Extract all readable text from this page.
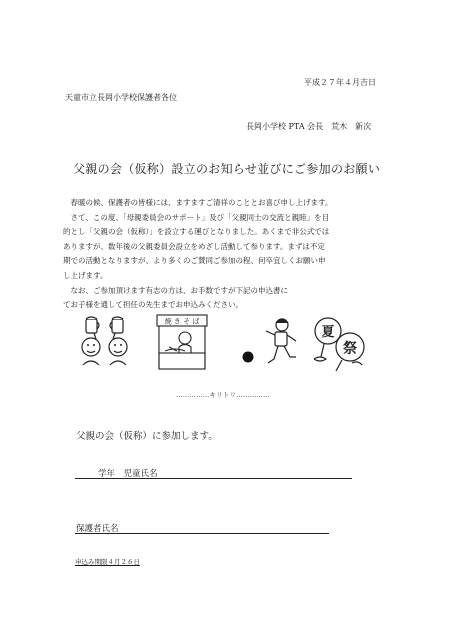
平成２７年４月吉日
天童市立長岡小学校保護者各位
長岡小学校 PTA 会長　荒木　新次
父親の会（仮称）設立のお知らせ並びにご参加のお願い

　春暖の候、保護者の皆様には、ますますご清祥のこととお喜び申し上げます。

　さて、この度、「母親委員会のサポート」及び「父親同士の交流と親睦」を目

的とし「父親の会（仮称）」を設立する運びとなりました。あくまで非公式では

ありますが、数年後の父親委員会設立をめざし活動して参ります。まずは不定

期での活動となりますが、より多くのご賛同ご参加の程、何卒宜しくお願い申

し上げます。

　なお、ご参加頂けます有志の方は、お手数ですが下記の申込書に

てお子様を通して担任の先生までお申込みください。

焼 き そ ば
夏
祭
……………キリトリ……………
父親の会（仮称）に参加します。
学年　児童氏名
保護者氏名
申込み期限４月２６日
